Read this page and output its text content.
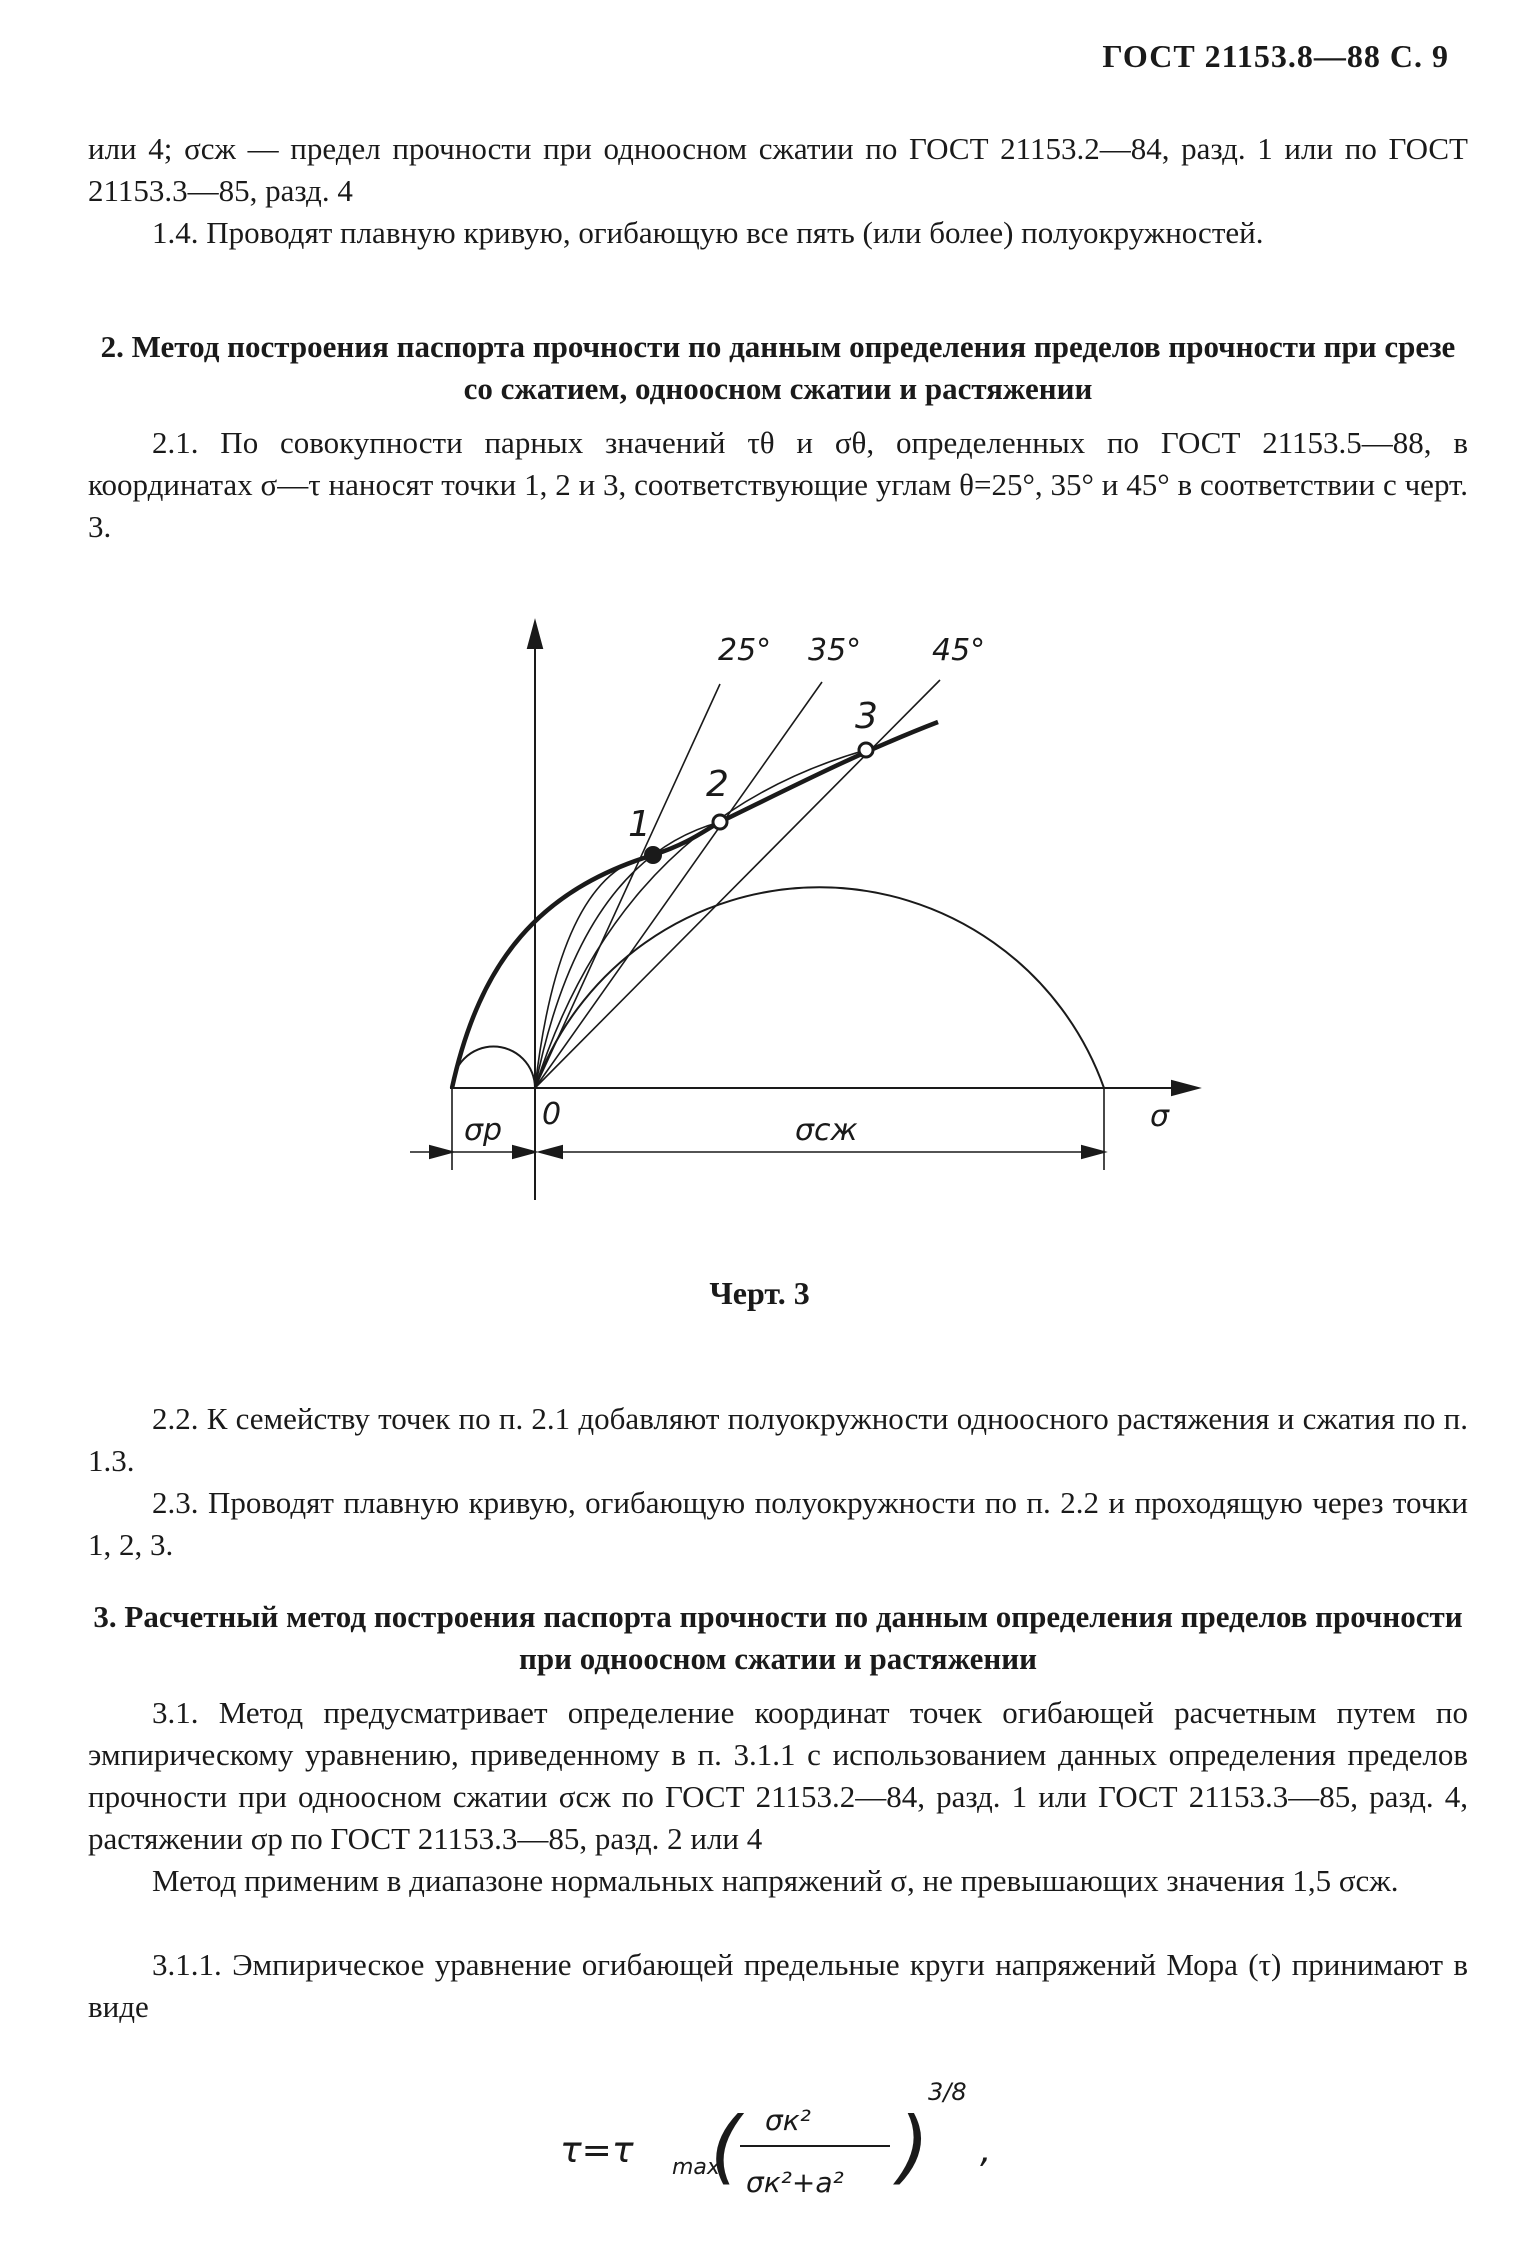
ГОСТ 21153.8—88 С. 9

или 4; σсж — предел прочности при одноосном сжатии по ГОСТ 21153.2—84, разд. 1 или по ГОСТ 21153.3—85, разд. 4

1.4. Проводят плавную кривую, огибающую все пять (или более) полуокружностей.

2. Метод построения паспорта прочности по данным определения пределов прочности при срезе со сжатием, одноосном сжатии и растяжении

2.1. По совокупности парных значений τθ и σθ, определенных по ГОСТ 21153.5—88, в координатах σ—τ наносят точки 1, 2 и 3, соответствующие углам θ=25°, 35° и 45° в соответствии с черт. 3.

25° 35° 45°
1
2
3
0	σ
σp	σсж
Черт. 3

2.2. К семейству точек по п. 2.1 добавляют полуокружности одноосного растяжения и сжатия по п. 1.3.

2.3. Проводят плавную кривую, огибающую полуокружности по п. 2.2 и проходящую через точки 1, 2, 3.

3. Расчетный метод построения паспорта прочности по данным определения пределов прочности при одноосном сжатии и растяжении

3.1. Метод предусматривает определение координат точек огибающей расчетным путем по эмпирическому уравнению, приведенному в п. 3.1.1 с использованием данных определения пределов прочности при одноосном сжатии σсж по ГОСТ 21153.2—84, разд. 1 или ГОСТ 21153.3—85, разд. 4, растяжении σр по ГОСТ 21153.3—85, разд. 2 или 4

Метод применим в диапазоне нормальных напряжений σ, не превышающих значения 1,5 σсж.

3.1.1. Эмпирическое уравнение огибающей предельные круги напряжений Мора (τ) принимают в виде

τ=τ max
( σк²
σк²+a² )
3/8
,
